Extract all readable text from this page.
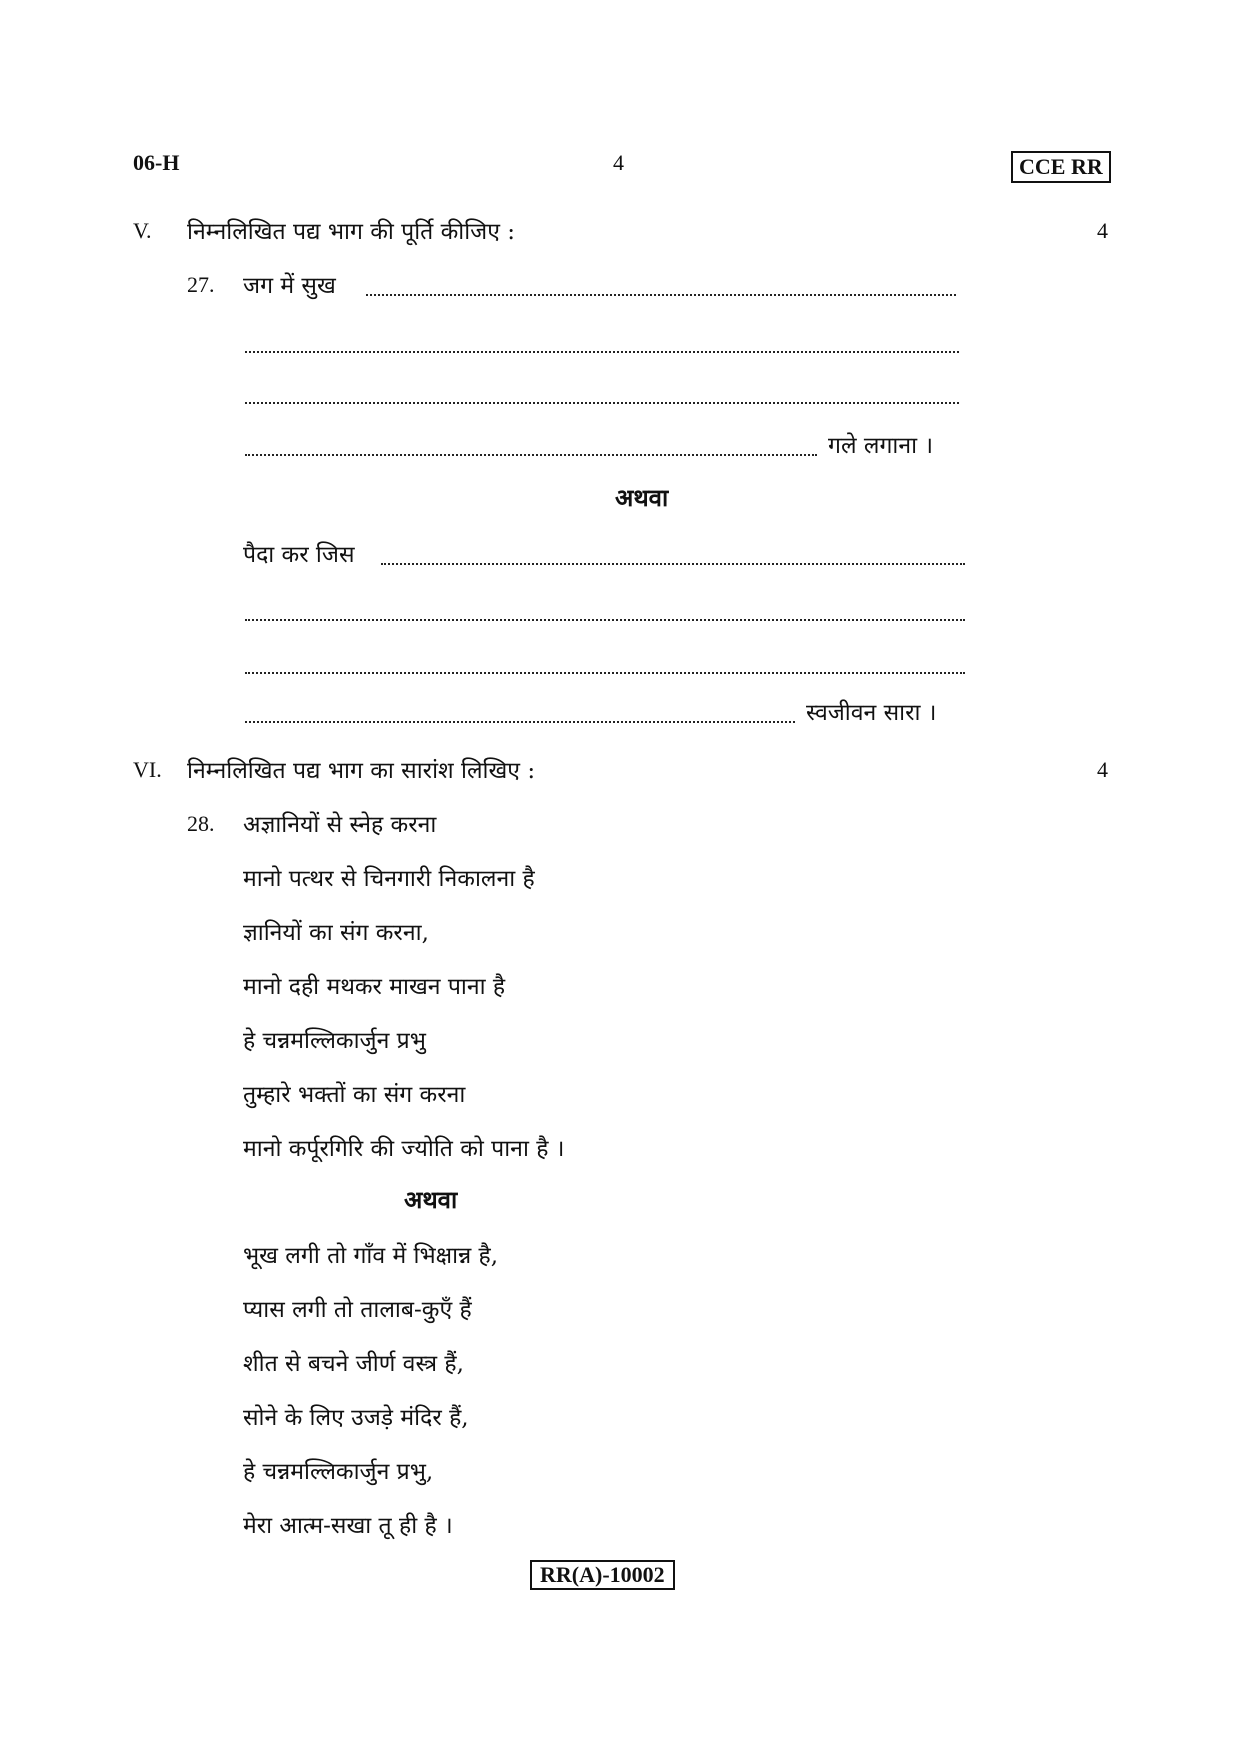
06-H	4	CCE RR
V. निम्नलिखित पद्य भाग की पूर्ति कीजिए :	4
27. जग में सुख
गले लगाना ।
अथवा
पैदा कर जिस
स्वजीवन सारा ।
VI. निम्नलिखित पद्य भाग का सारांश लिखिए :	4
28. अज्ञानियों से स्नेह करना
मानो पत्थर से चिनगारी निकालना है
ज्ञानियों का संग करना,
मानो दही मथकर माखन पाना है
हे चन्नमल्लिकार्जुन प्रभु
तुम्हारे भक्तों का संग करना
मानो कर्पूरगिरि की ज्योति को पाना है ।
अथवा
भूख लगी तो गाँव में भिक्षान्न है,
प्यास लगी तो तालाब-कुएँ हैं
शीत से बचने जीर्ण वस्त्र हैं,
सोने के लिए उजड़े मंदिर हैं,
हे चन्नमल्लिकार्जुन प्रभु,
मेरा आत्म-सखा तू ही है ।
RR(A)-10002
